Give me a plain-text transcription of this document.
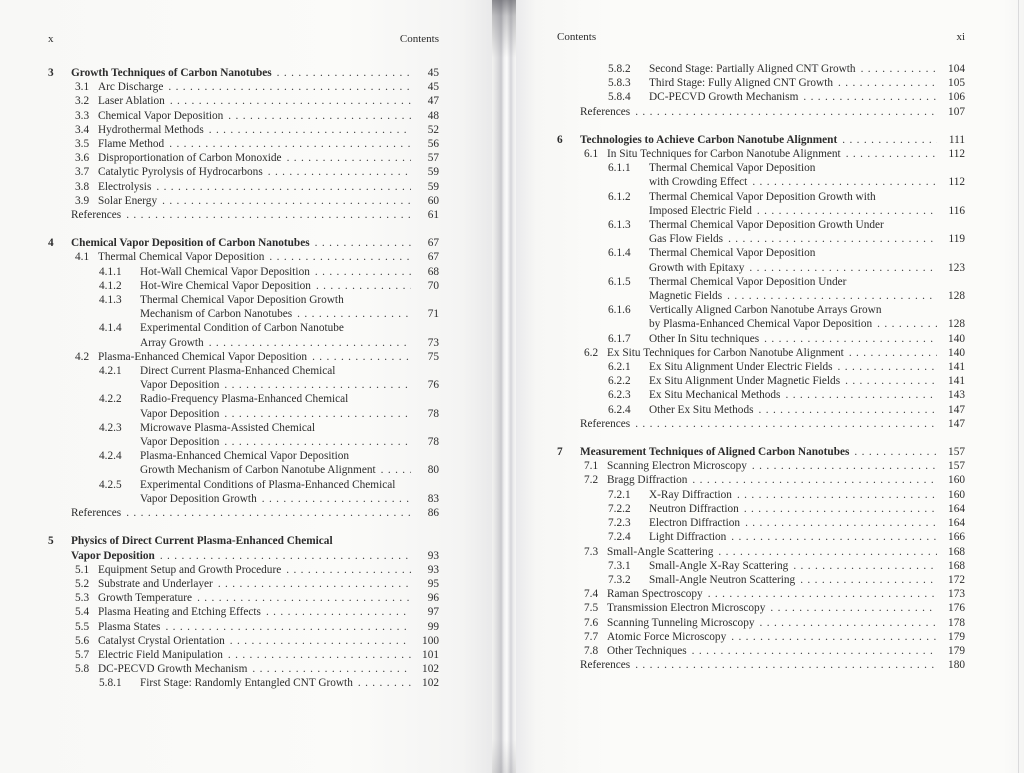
x	Contents
3	Growth Techniques of Carbon Nanotubes .....	45
3.1 Arc Discharge .....	45
3.2 Laser Ablation .....	47
3.3 Chemical Vapor Deposition .....	48
3.4 Hydrothermal Methods .....	52
3.5 Flame Method .....	56
3.6 Disproportionation of Carbon Monoxide .....	57
3.7 Catalytic Pyrolysis of Hydrocarbons .....	59
3.8 Electrolysis .....	59
3.9 Solar Energy .....	60
References .....	61
4	Chemical Vapor Deposition of Carbon Nanotubes .....	67
4.1 Thermal Chemical Vapor Deposition .....	67
4.1.1	Hot-Wall Chemical Vapor Deposition .....	68
4.1.2	Hot-Wire Chemical Vapor Deposition .....	70
4.1.3	Thermal Chemical Vapor Deposition Growth
Mechanism of Carbon Nanotubes .....	71
4.1.4	Experimental Condition of Carbon Nanotube
Array Growth .....	73
4.2 Plasma-Enhanced Chemical Vapor Deposition .....	75
4.2.1	Direct Current Plasma-Enhanced Chemical
Vapor Deposition .....	76
4.2.2	Radio-Frequency Plasma-Enhanced Chemical
Vapor Deposition .....	78
4.2.3	Microwave Plasma-Assisted Chemical
Vapor Deposition .....	78
4.2.4	Plasma-Enhanced Chemical Vapor Deposition
Growth Mechanism of Carbon Nanotube Alignment .....	80
4.2.5	Experimental Conditions of Plasma-Enhanced Chemical
Vapor Deposition Growth .....	83
References .....	86
5	Physics of Direct Current Plasma-Enhanced Chemical
Vapor Deposition .....	93
5.1 Equipment Setup and Growth Procedure .....	93
5.2 Substrate and Underlayer .....	95
5.3 Growth Temperature .....	96
5.4 Plasma Heating and Etching Effects .....	97
5.5 Plasma States .....	99
5.6 Catalyst Crystal Orientation .....	100
5.7 Electric Field Manipulation .....	101
5.8 DC-PECVD Growth Mechanism .....	102
5.8.1	First Stage: Randomly Entangled CNT Growth .....	102
Contents	xi
5.8.2	Second Stage: Partially Aligned CNT Growth .....	104
5.8.3	Third Stage: Fully Aligned CNT Growth .....	105
5.8.4	DC-PECVD Growth Mechanism .....	106
References .....	107
6	Technologies to Achieve Carbon Nanotube Alignment .....	111
6.1 In Situ Techniques for Carbon Nanotube Alignment .....	112
6.1.1	Thermal Chemical Vapor Deposition
with Crowding Effect .....	112
6.1.2	Thermal Chemical Vapor Deposition Growth with
Imposed Electric Field .....	116
6.1.3	Thermal Chemical Vapor Deposition Growth Under
Gas Flow Fields .....	119
6.1.4	Thermal Chemical Vapor Deposition
Growth with Epitaxy .....	123
6.1.5	Thermal Chemical Vapor Deposition Under
Magnetic Fields .....	128
6.1.6	Vertically Aligned Carbon Nanotube Arrays Grown
by Plasma-Enhanced Chemical Vapor Deposition .....	128
6.1.7	Other In Situ techniques .....	140
6.2 Ex Situ Techniques for Carbon Nanotube Alignment .....	140
6.2.1	Ex Situ Alignment Under Electric Fields .....	141
6.2.2	Ex Situ Alignment Under Magnetic Fields .....	141
6.2.3	Ex Situ Mechanical Methods .....	143
6.2.4	Other Ex Situ Methods .....	147
References .....	147
7	Measurement Techniques of Aligned Carbon Nanotubes .....	157
7.1 Scanning Electron Microscopy .....	157
7.2 Bragg Diffraction .....	160
7.2.1	X-Ray Diffraction .....	160
7.2.2	Neutron Diffraction .....	164
7.2.3	Electron Diffraction .....	164
7.2.4	Light Diffraction .....	166
7.3 Small-Angle Scattering .....	168
7.3.1	Small-Angle X-Ray Scattering .....	168
7.3.2	Small-Angle Neutron Scattering .....	172
7.4 Raman Spectroscopy .....	173
7.5 Transmission Electron Microscopy .....	176
7.6 Scanning Tunneling Microscopy .....	178
7.7 Atomic Force Microscopy .....	179
7.8 Other Techniques .....	179
References .....	180
